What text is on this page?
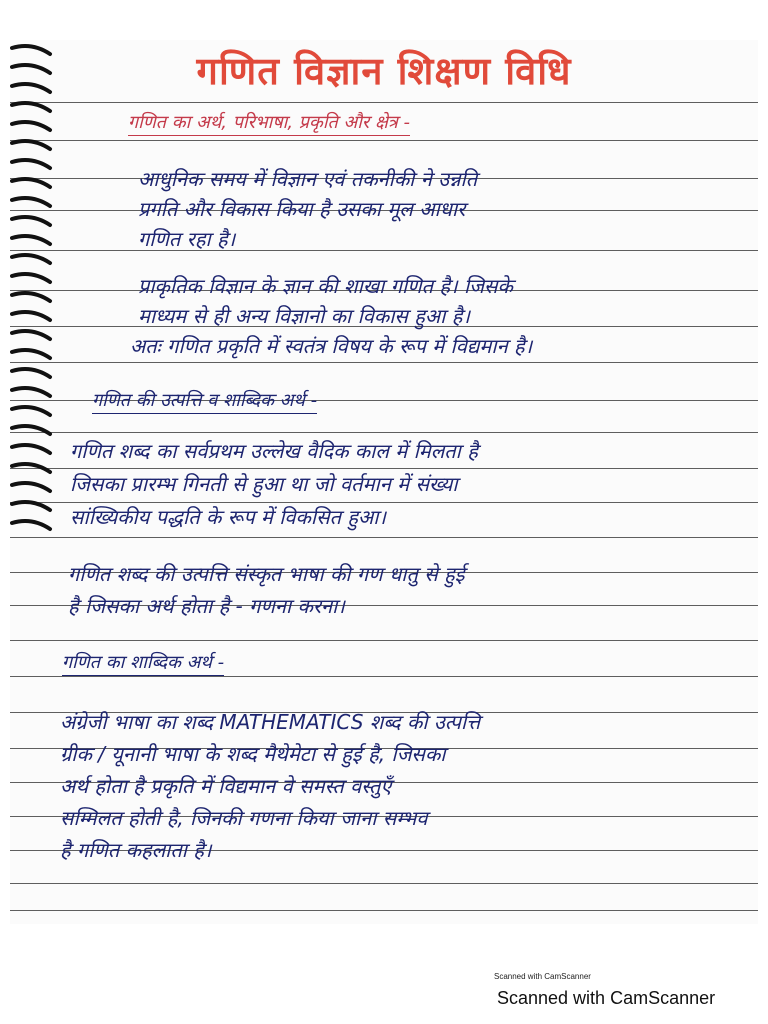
गणित विज्ञान शिक्षण विधि
गणित का अर्थ, परिभाषा, प्रकृति और क्षेत्र -
आधुनिक समय में विज्ञान एवं तकनीकी ने उन्नति
प्रगति और विकास किया है उसका मूल आधार
गणित रहा है।
प्राकृतिक विज्ञान के ज्ञान की शाखा गणित है। जिसके
माध्यम से ही अन्य विज्ञानो का विकास हुआ है।
अतः गणित प्रकृति में स्वतंत्र विषय के रूप में विद्यमान है।
गणित की उत्पत्ति व शाब्दिक अर्थ -
गणित शब्द का सर्वप्रथम उल्लेख वैदिक काल में मिलता है
जिसका प्रारम्भ गिनती से हुआ था जो वर्तमान में संख्या
सांख्यिकीय पद्धति के रूप में विकसित हुआ।
गणित शब्द की उत्पत्ति संस्कृत भाषा की गण धातु से हुई
है जिसका अर्थ होता है - गणना करना।
गणित का शाब्दिक अर्थ -
अंग्रेजी भाषा का शब्द MATHEMATICS शब्द की उत्पत्ति
ग्रीक / यूनानी भाषा के शब्द मैथेमेटा से हुई है, जिसका
अर्थ होता है प्रकृति में विद्यमान वे समस्त वस्तुएँ
सम्मिलत होती है, जिनकी गणना किया जाना सम्भव
है गणित कहलाता है।
Scanned with CamScanner
Scanned with CamScanner
